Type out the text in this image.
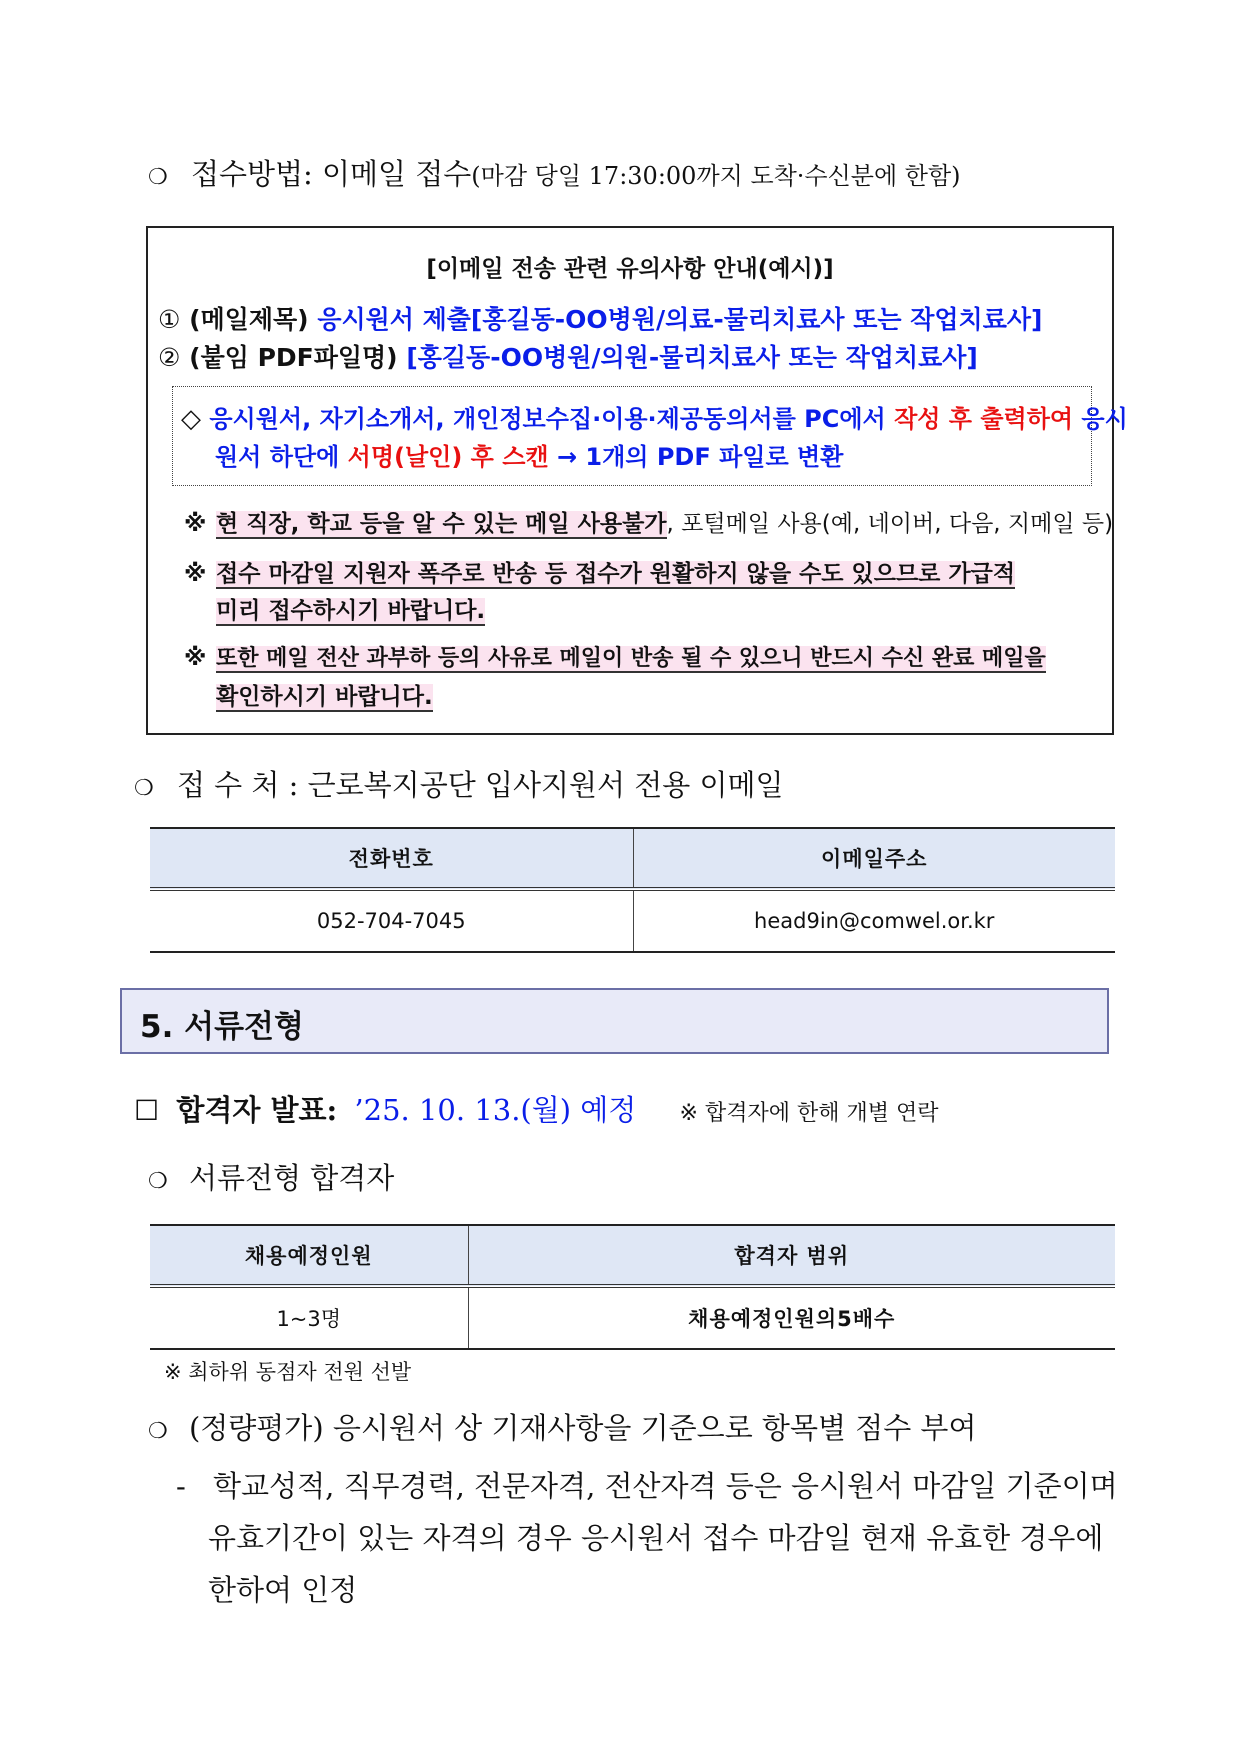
❍ 접수방법: 이메일 접수(마감 당일 17:30:00까지 도착·수신분에 한함)
[이메일 전송 관련 유의사항 안내(예시)]
① (메일제목) 응시원서 제출[홍길동-OO병원/의료-물리치료사 또는 작업치료사]
② (붙임 PDF파일명) [홍길동-OO병원/의원-물리치료사 또는 작업치료사]
◇ 응시원서, 자기소개서, 개인정보수집·이용·제공동의서를 PC에서 작성 후 출력하여 응시
원서 하단에 서명(날인) 후 스캔 → 1개의 PDF 파일로 변환
※ 현 직장, 학교 등을 알 수 있는 메일 사용불가, 포털메일 사용(예, 네이버, 다음, 지메일 등)
※ 접수 마감일 지원자 폭주로 반송 등 접수가 원활하지 않을 수도 있으므로 가급적
미리 접수하시기 바랍니다.
※ 또한 메일 전산 과부하 등의 사유로 메일이 반송 될 수 있으니 반드시 수신 완료 메일을
확인하시기 바랍니다.
❍ 접 수 처 : 근로복지공단 입사지원서 전용 이메일
전화번호	이메일주소
052-704-7045	head9in@comwel.or.kr
5. 서류전형
☐ 합격자 발표: ’25. 10. 13.(월) 예정 ※ 합격자에 한해 개별 연락
❍ 서류전형 합격자
채용예정인원	합격자 범위
1~3명	채용예정인원의5배수
※ 최하위 동점자 전원 선발
❍ (정량평가) 응시원서 상 기재사항을 기준으로 항목별 점수 부여
- 학교성적, 직무경력, 전문자격, 전산자격 등은 응시원서 마감일 기준이며
유효기간이 있는 자격의 경우 응시원서 접수 마감일 현재 유효한 경우에
한하여 인정
